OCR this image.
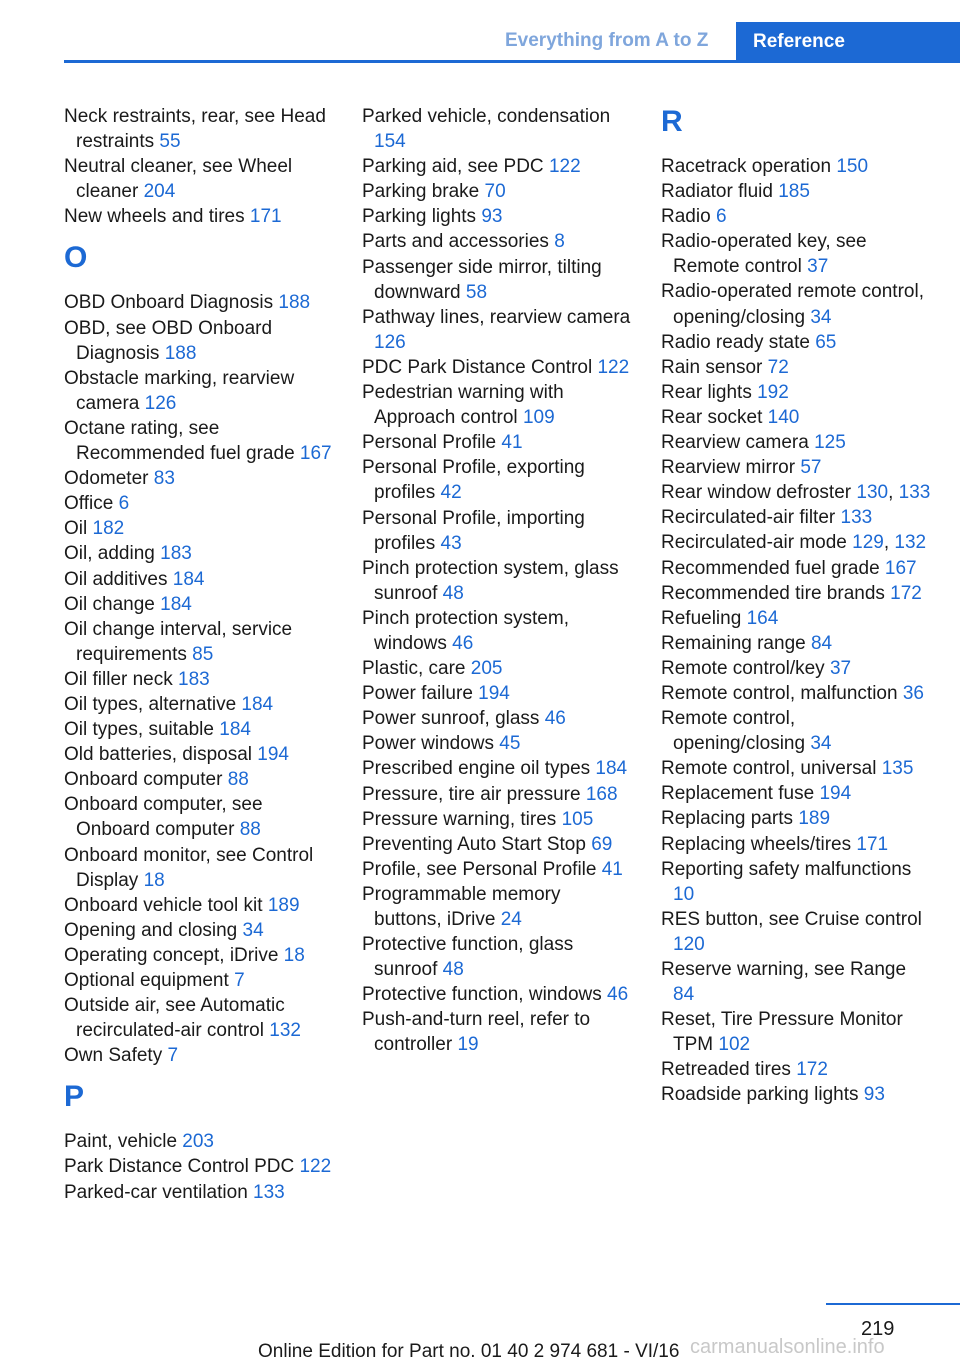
Everything from A to Z	Reference
Neck restraints, rear, see Head restraints 55
Neutral cleaner, see Wheel cleaner 204
New wheels and tires 171
O
OBD Onboard Diagnosis 188
OBD, see OBD Onboard Diagnosis 188
Obstacle marking, rearview camera 126
Octane rating, see Recommended fuel grade 167
Odometer 83
Office 6
Oil 182
Oil, adding 183
Oil additives 184
Oil change 184
Oil change interval, service requirements 85
Oil filler neck 183
Oil types, alternative 184
Oil types, suitable 184
Old batteries, disposal 194
Onboard computer 88
Onboard computer, see Onboard computer 88
Onboard monitor, see Control Display 18
Onboard vehicle tool kit 189
Opening and closing 34
Operating concept, iDrive 18
Optional equipment 7
Outside air, see Automatic recirculated-air control 132
Own Safety 7
P
Paint, vehicle 203
Park Distance Control PDC 122
Parked-car ventilation 133
Parked vehicle, condensation 154
Parking aid, see PDC 122
Parking brake 70
Parking lights 93
Parts and accessories 8
Passenger side mirror, tilting downward 58
Pathway lines, rearview camera 126
PDC Park Distance Control 122
Pedestrian warning with Approach control 109
Personal Profile 41
Personal Profile, exporting profiles 42
Personal Profile, importing profiles 43
Pinch protection system, glass sunroof 48
Pinch protection system, windows 46
Plastic, care 205
Power failure 194
Power sunroof, glass 46
Power windows 45
Prescribed engine oil types 184
Pressure, tire air pressure 168
Pressure warning, tires 105
Preventing Auto Start Stop 69
Profile, see Personal Profile 41
Programmable memory buttons, iDrive 24
Protective function, glass sunroof 48
Protective function, windows 46
Push-and-turn reel, refer to controller 19
R
Racetrack operation 150
Radiator fluid 185
Radio 6
Radio-operated key, see Remote control 37
Radio-operated remote control, opening/closing 34
Radio ready state 65
Rain sensor 72
Rear lights 192
Rear socket 140
Rearview camera 125
Rearview mirror 57
Rear window defroster 130, 133
Recirculated-air filter 133
Recirculated-air mode 129, 132
Recommended fuel grade 167
Recommended tire brands 172
Refueling 164
Remaining range 84
Remote control/key 37
Remote control, malfunction 36
Remote control, opening/closing 34
Remote control, universal 135
Replacement fuse 194
Replacing parts 189
Replacing wheels/tires 171
Reporting safety malfunctions 10
RES button, see Cruise control 120
Reserve warning, see Range 84
Reset, Tire Pressure Monitor TPM 102
Retreaded tires 172
Roadside parking lights 93
219
Online Edition for Part no. 01 40 2 974 681 - VI/16 carmanualsonline.info
